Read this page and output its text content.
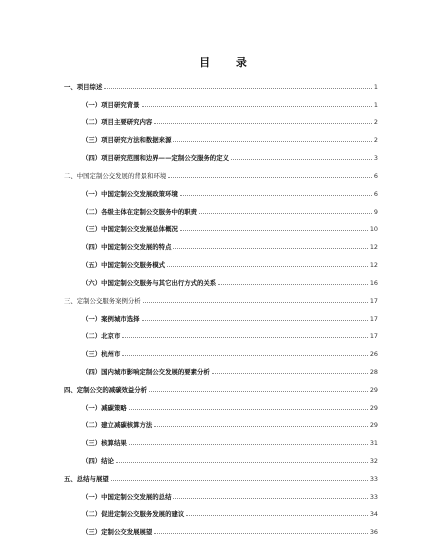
目 录
一、项目综述	1
（一）项目研究背景	1
（二）项目主要研究内容	2
（三）项目研究方法和数据来源	2
（四）项目研究范围和边界——定制公交服务的定义	3
二、中国定制公交发展的背景和环境	6
（一）中国定制公交发展政策环境	6
（二）各级主体在定制公交服务中的职责	9
（三）中国定制公交发展总体概况	10
（四）中国定制公交发展的特点	12
（五）中国定制公交服务模式	12
（六）中国定制公交服务与其它出行方式的关系	16
三、定制公交服务案例分析	17
（一）案例城市选择	17
（二）北京市	17
（三）杭州市	26
（四）国内城市影响定制公交发展的要素分析	28
四、定制公交的减碳效益分析	29
（一）减碳策略	29
（二）建立减碳核算方法	29
（三）核算结果	31
（四）结论	32
五、总结与展望	33
（一）中国定制公交发展的总结	33
（二）促进定制公交服务发展的建议	34
（三）定制公交发展展望	36
